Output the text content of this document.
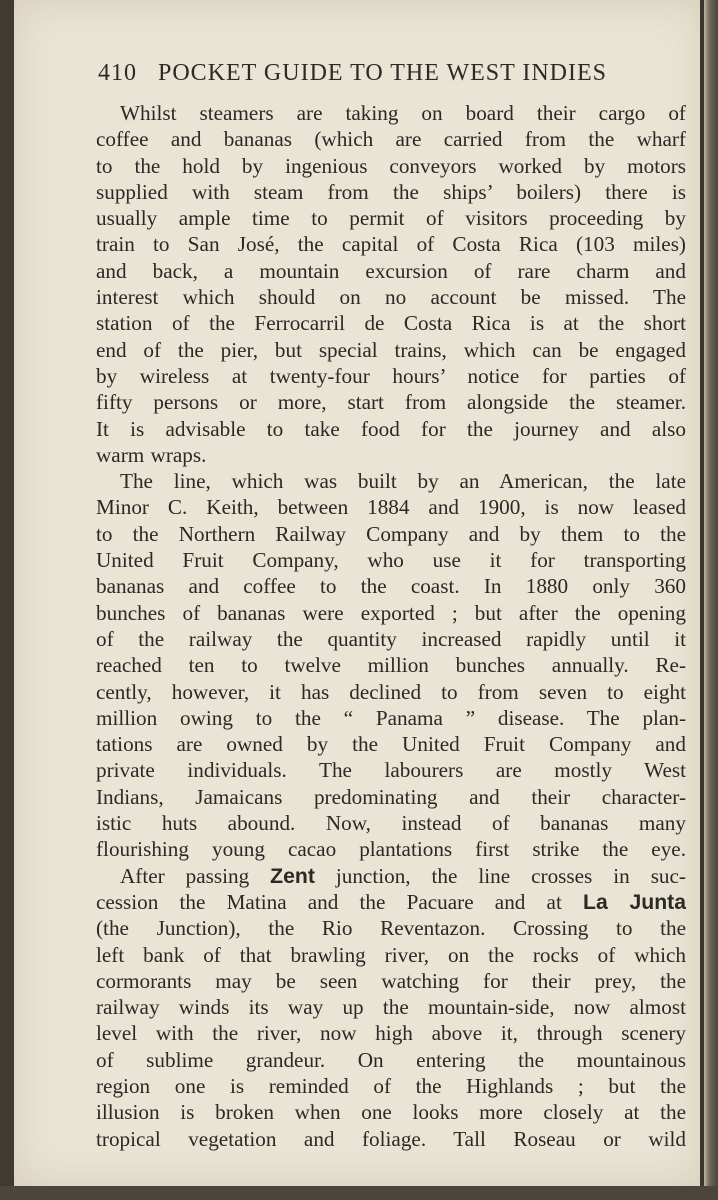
410 POCKET GUIDE TO THE WEST INDIES
Whilst steamers are taking on board their cargo of
coffee and bananas (which are carried from the wharf
to the hold by ingenious conveyors worked by motors
supplied with steam from the ships’ boilers) there is
usually ample time to permit of visitors proceeding by
train to San José, the capital of Costa Rica (103 miles)
and back, a mountain excursion of rare charm and
interest which should on no account be missed. The
station of the Ferrocarril de Costa Rica is at the short
end of the pier, but special trains, which can be engaged
by wireless at twenty-four hours’ notice for parties of
fifty persons or more, start from alongside the steamer.
It is advisable to take food for the journey and also
warm wraps.
The line, which was built by an American, the late
Minor C. Keith, between 1884 and 1900, is now leased
to the Northern Railway Company and by them to the
United Fruit Company, who use it for transporting
bananas and coffee to the coast. In 1880 only 360
bunches of bananas were exported ; but after the opening
of the railway the quantity increased rapidly until it
reached ten to twelve million bunches annually. Re-
cently, however, it has declined to from seven to eight
million owing to the “ Panama ” disease. The plan-
tations are owned by the United Fruit Company and
private individuals. The labourers are mostly West
Indians, Jamaicans predominating and their character-
istic huts abound. Now, instead of bananas many
flourishing young cacao plantations first strike the eye.
After passing Zent junction, the line crosses in suc-
cession the Matina and the Pacuare and at La Junta
(the Junction), the Rio Reventazon. Crossing to the
left bank of that brawling river, on the rocks of which
cormorants may be seen watching for their prey, the
railway winds its way up the mountain-side, now almost
level with the river, now high above it, through scenery
of sublime grandeur. On entering the mountainous
region one is reminded of the Highlands ; but the
illusion is broken when one looks more closely at the
tropical vegetation and foliage. Tall Roseau or wild
